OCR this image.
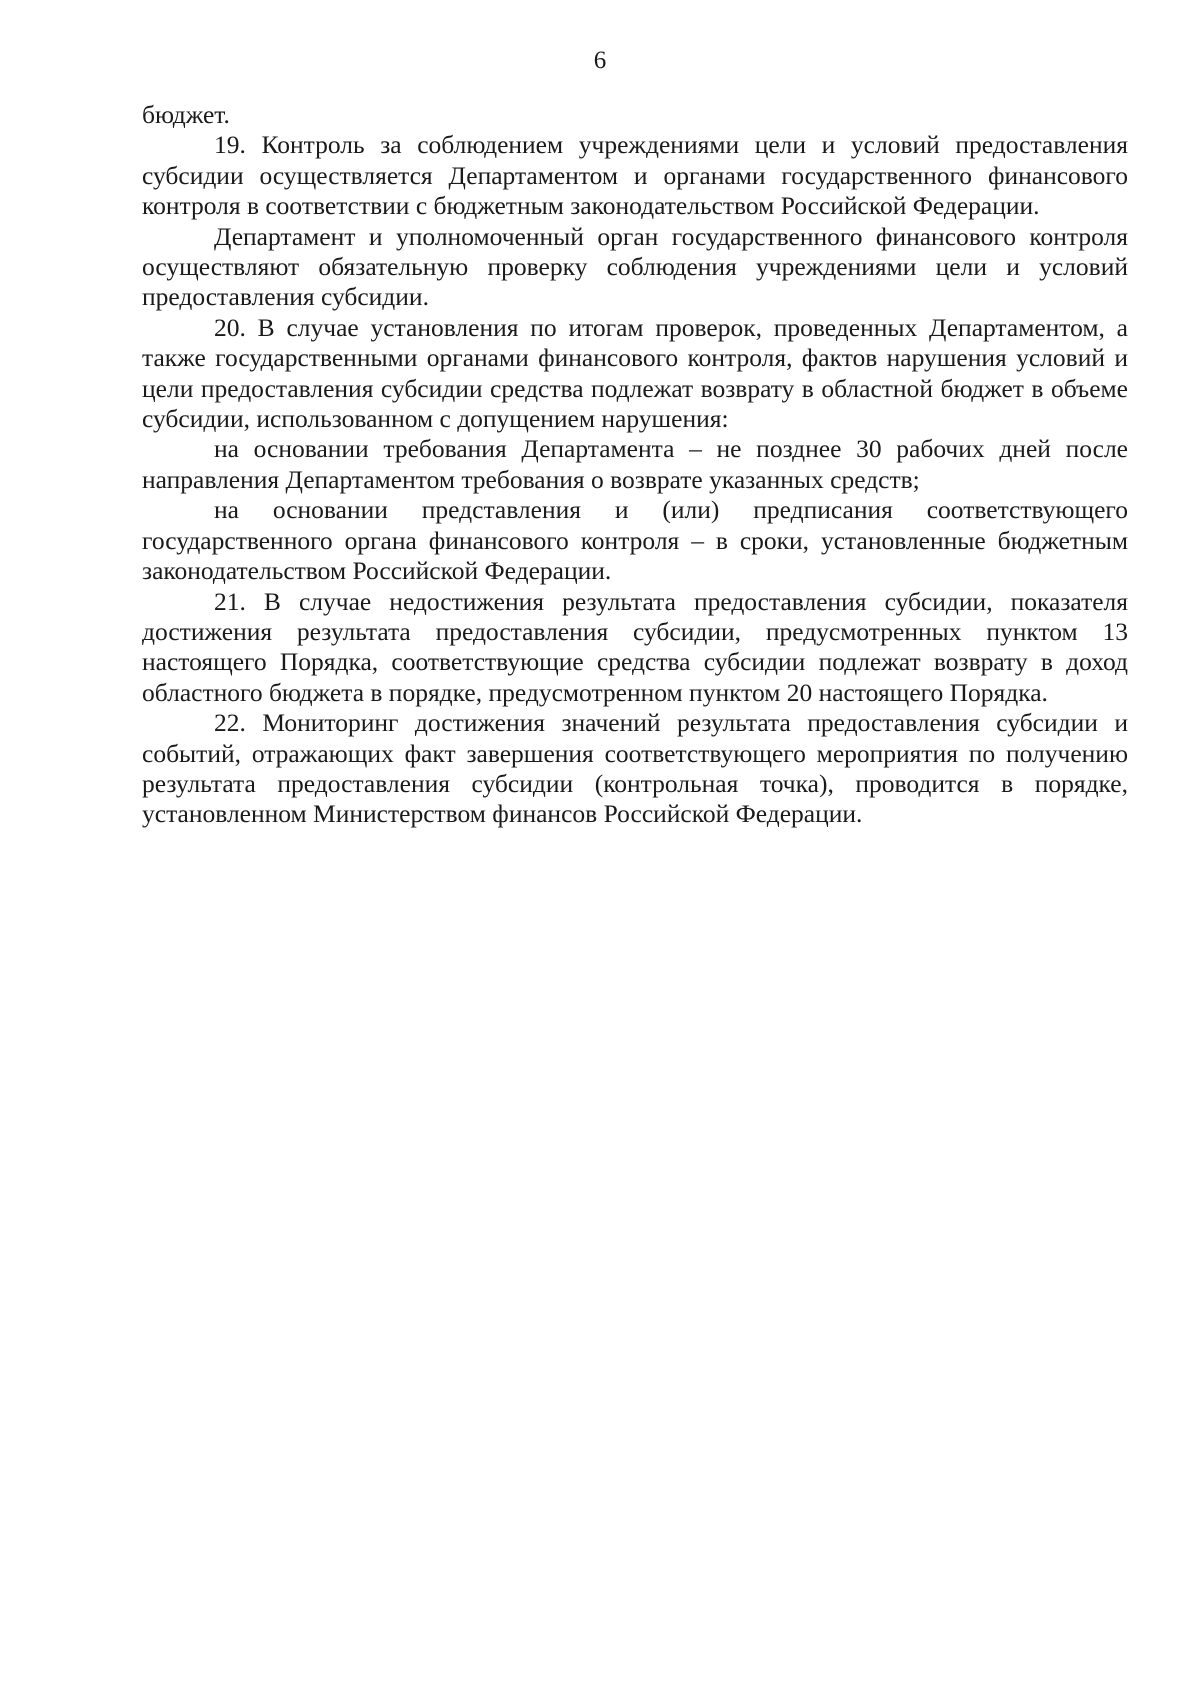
6

бюджет.

19. Контроль за соблюдением учреждениями цели и условий предоставления субсидии осуществляется Департаментом и органами государственного финансового контроля в соответствии с бюджетным законодательством Российской Федерации.

Департамент и уполномоченный орган государственного финансового контроля осуществляют обязательную проверку соблюдения учреждениями цели и условий предоставления субсидии.

20. В случае установления по итогам проверок, проведенных Департаментом, а также государственными органами финансового контроля, фактов нарушения условий и цели предоставления субсидии средства подлежат возврату в областной бюджет в объеме субсидии, использованном с допущением нарушения:

на основании требования Департамента – не позднее 30 рабочих дней после направления Департаментом требования о возврате указанных средств;

на основании представления и (или) предписания соответствующего государственного органа финансового контроля – в сроки, установленные бюджетным законодательством Российской Федерации.

21. В случае недостижения результата предоставления субсидии, показателя достижения результата предоставления субсидии, предусмотренных пунктом 13 настоящего Порядка, соответствующие средства субсидии подлежат возврату в доход областного бюджета в порядке, предусмотренном пунктом 20 настоящего Порядка.

22. Мониторинг достижения значений результата предоставления субсидии и событий, отражающих факт завершения соответствующего мероприятия по получению результата предоставления субсидии (контрольная точка), проводится в порядке, установленном Министерством финансов Российской Федерации.
